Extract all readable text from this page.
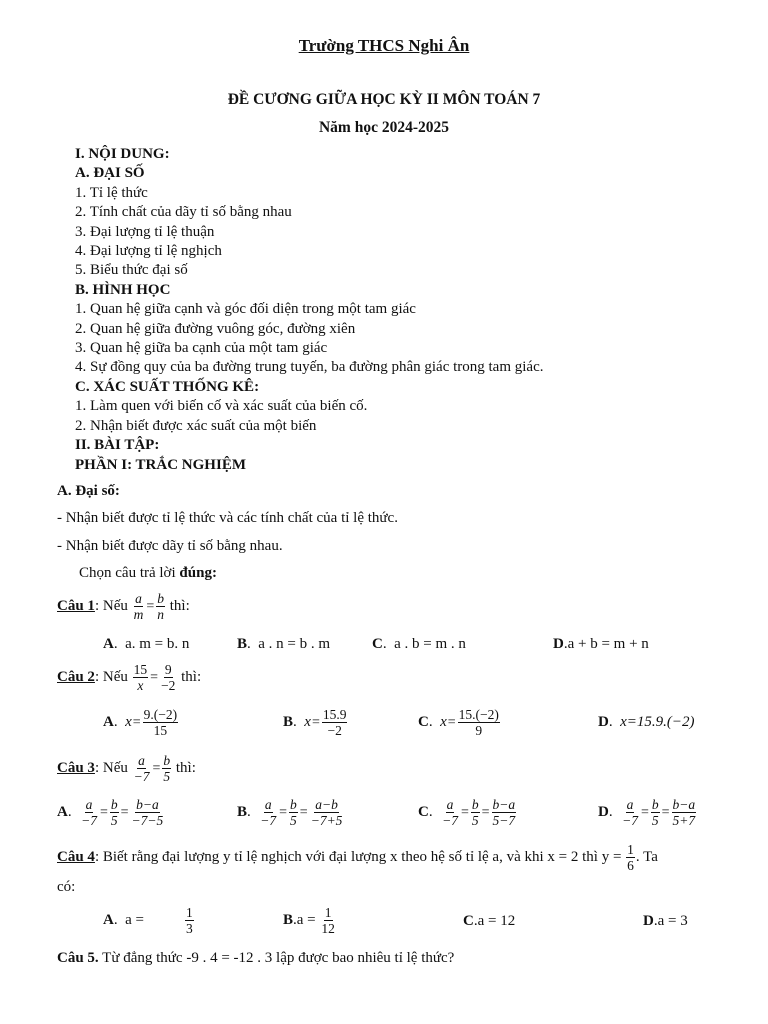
Trường THCS Nghi Ân
ĐỀ CƯƠNG GIỮA HỌC KỲ II MÔN TOÁN 7
Năm học 2024-2025
I. NỘI DUNG:
A. ĐẠI SỐ
1. Tỉ lệ thức
2. Tính chất của dãy tỉ số bằng nhau
3. Đại lượng tỉ lệ thuận
4. Đại lượng tỉ lệ nghịch
5. Biểu thức đại số
B. HÌNH HỌC
1. Quan hệ giữa cạnh và góc đối diện trong một tam giác
2. Quan hệ giữa đường vuông góc, đường xiên
3. Quan hệ giữa ba cạnh của một tam giác
4. Sự đồng quy của ba đường trung tuyến, ba đường phân giác trong tam giác.
C. XÁC SUẤT THỐNG KÊ:
1. Làm quen với biến cố và xác suất của biến cố.
2. Nhận biết được xác suất của một biến
II. BÀI TẬP:
PHẦN I: TRẮC NGHIỆM
A. Đại số:
- Nhận biết được tỉ lệ thức và các tính chất của tỉ lệ thức.
- Nhận biết được dãy tỉ số bằng nhau.
Chọn câu trả lời đúng:
Câu 1 : Nếu
$\frac{a}{m} = \frac{b}{n}$
thì:
A . a. m = b. n	B . a . n = b . m	C . a . b = m . n	D . a + b = m + n
Câu 2 : Nếu
$\frac{15}{x} = \frac{9}{-2}$
thì:
A . $x = \frac{9.(-2)}{15}$	B . $x = \frac{15.9}{-2}$	C . $x = \frac{15.(-2)}{9}$	D . x=15.9.(−2)
Câu 3 : Nếu
$\frac{a}{-7} = \frac{b}{5}$
thì:
A . $\frac{a}{-7} = \frac{b}{5} = \frac{b-a}{-7-5}$	B . $\frac{a}{-7} = \frac{b}{5} = \frac{a-b}{-7+5}$	C . $\frac{a}{-7} = \frac{b}{5} = \frac{b-a}{5-7}$	D . $\frac{a}{-7} = \frac{b}{5} = \frac{b-a}{5+7}$
Câu 4 : Biết rằng đại lượng y tỉ lệ nghịch với đại lượng x theo hệ số tỉ lệ a, và khi x = 2 thì y =
$\frac{1}{6}$ . Ta
có:
A . a =	$\frac{1}{3}$	B . a =
$\frac{1}{12}$	C . a = 12	D . a = 3
Câu 5. Từ đẳng thức -9 . 4 = -12 . 3 lập được bao nhiêu tỉ lệ thức?
